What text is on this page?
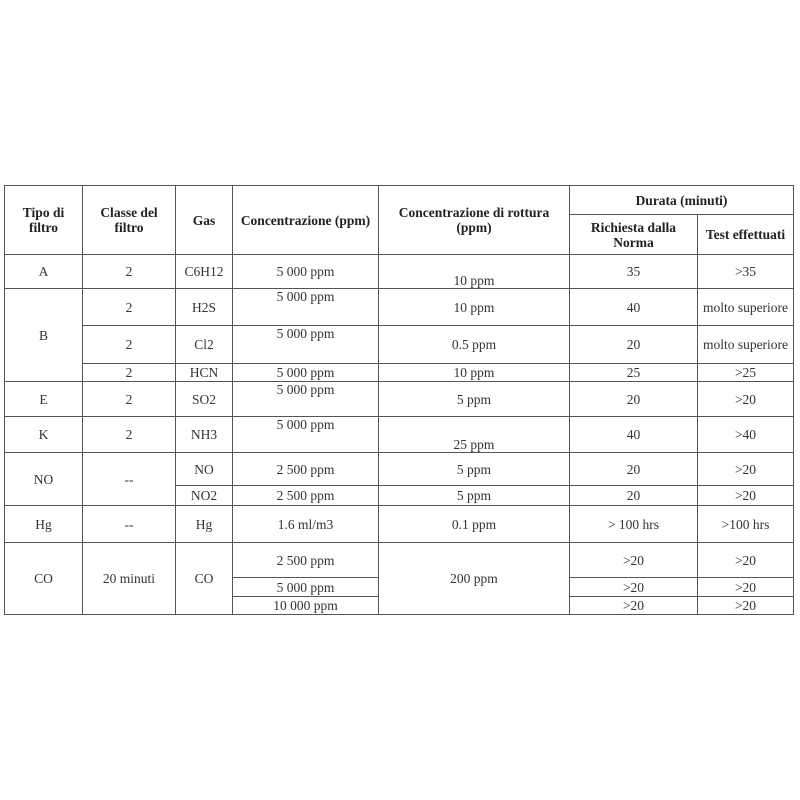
Tipo di filtro	Classe del filtro	Gas	Concentrazione (ppm)	Concentrazione di rottura (ppm)	Durata (minuti)	
					Richiesta dalla Norma	Test effettuati
A	2	C6H12	5 000 ppm	10 ppm	35	>35
B	2	H2S	5 000 ppm	10 ppm	40	molto superiore
	2	Cl2	5 000 ppm	0.5 ppm	20	molto superiore
	2	HCN	5 000 ppm	10 ppm	25	>25
E	2	SO2	5 000 ppm	5 ppm	20	>20
K	2	NH3	5 000 ppm	25 ppm	40	>40
NO	--	NO	2 500 ppm	5 ppm	20	>20
		NO2	2 500 ppm	5 ppm	20	>20
Hg	--	Hg	1.6 ml/m3	0.1 ppm	> 100 hrs	>100 hrs
CO	20 minuti	CO	2 500 ppm	200 ppm	>20	>20
			5 000 ppm		>20	>20
			10 000 ppm		>20	>20
